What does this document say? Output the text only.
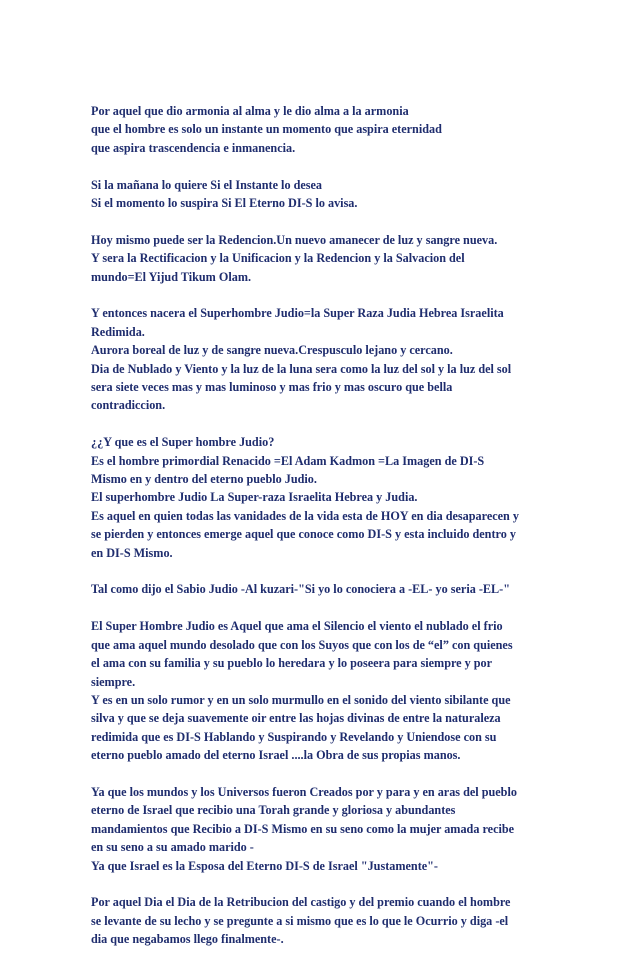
Por aquel que dio armonia al alma y le dio alma a la armonia
que el hombre es solo un instante un momento que aspira eternidad
que aspira trascendencia e inmanencia.

Si la mañana lo quiere Si el Instante lo desea
Si el momento lo suspira Si El Eterno DI-S lo avisa.

Hoy mismo puede ser la Redencion.Un nuevo amanecer de luz y sangre nueva.
Y sera la Rectificacion y la Unificacion y la Redencion y la Salvacion del
mundo=El Yijud Tikum Olam.

Y entonces nacera el Superhombre Judio=la Super Raza Judia Hebrea Israelita
Redimida.
Aurora boreal de luz y de sangre nueva.Crespusculo lejano y cercano.
Dia de Nublado y Viento y la luz de la luna sera como la luz del sol y la luz del sol
sera siete veces mas y mas luminoso y mas frio y mas oscuro que bella
contradiccion.

¿¿Y que es el Super hombre Judio?
Es el hombre primordial Renacido =El Adam Kadmon =La Imagen de DI-S
Mismo en y dentro del eterno pueblo Judio.
El superhombre Judio La Super-raza Israelita Hebrea y Judia.
Es aquel en quien todas las vanidades de la vida esta de HOY en dia desaparecen y
se pierden y entonces emerge aquel que conoce como DI-S y esta incluido dentro y
en DI-S Mismo.

Tal como dijo el Sabio Judio -Al kuzari-"Si yo lo conociera a -EL- yo seria -EL-"

El Super Hombre Judio es Aquel que ama el Silencio el viento el nublado el frio
que ama aquel mundo desolado que con los Suyos que con los de “el” con quienes
el ama con su familia y su pueblo lo heredara y lo poseera para siempre y por
siempre.
Y es en un solo rumor y en un solo murmullo en el sonido del viento sibilante que
silva y que se deja suavemente oir entre las hojas divinas de entre la naturaleza
redimida que es DI-S Hablando y Suspirando y Revelando y Uniendose con su
eterno pueblo amado del eterno Israel ....la Obra de sus propias manos.

Ya que los mundos y los Universos fueron Creados por y para y en aras del pueblo
eterno de Israel que recibio una Torah grande y gloriosa y abundantes
mandamientos que Recibio a DI-S Mismo en su seno como la mujer amada recibe
en su seno a su amado marido -
Ya que Israel es la Esposa del Eterno DI-S de Israel "Justamente"-

Por aquel Dia el Dia de la Retribucion del castigo y del premio cuando el hombre
se levante de su lecho y se pregunte a si mismo que es lo que le Ocurrio y diga -el
dia que negabamos llego finalmente-.
